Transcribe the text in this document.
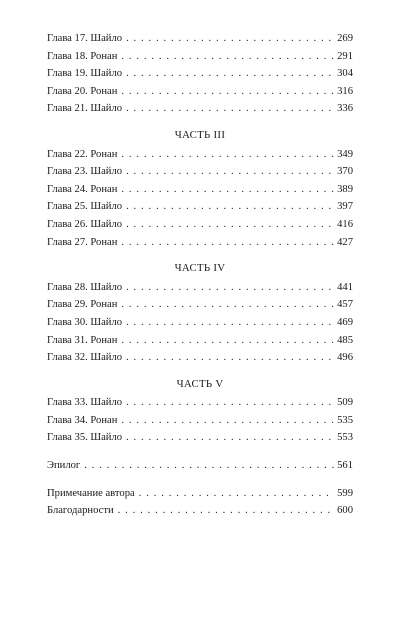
Глава 17. Шайло . . .	269
Глава 18. Ронан . . .	291
Глава 19. Шайло . . .	304
Глава 20. Ронан . . .	316
Глава 21. Шайло . . .	336
ЧАСТЬ III
Глава 22. Ронан . . .	349
Глава 23. Шайло . . .	370
Глава 24. Ронан . . .	389
Глава 25. Шайло . . .	397
Глава 26. Шайло . . .	416
Глава 27. Ронан . . .	427
ЧАСТЬ IV
Глава 28. Шайло . . .	441
Глава 29. Ронан . . .	457
Глава 30. Шайло . . .	469
Глава 31. Ронан . . .	485
Глава 32. Шайло . . .	496
ЧАСТЬ V
Глава 33. Шайло . . .	509
Глава 34. Ронан . . .	535
Глава 35. Шайло . . .	553
Эпилог . . .	561
Примечание автора . . .	599
Благодарности . . .	600
